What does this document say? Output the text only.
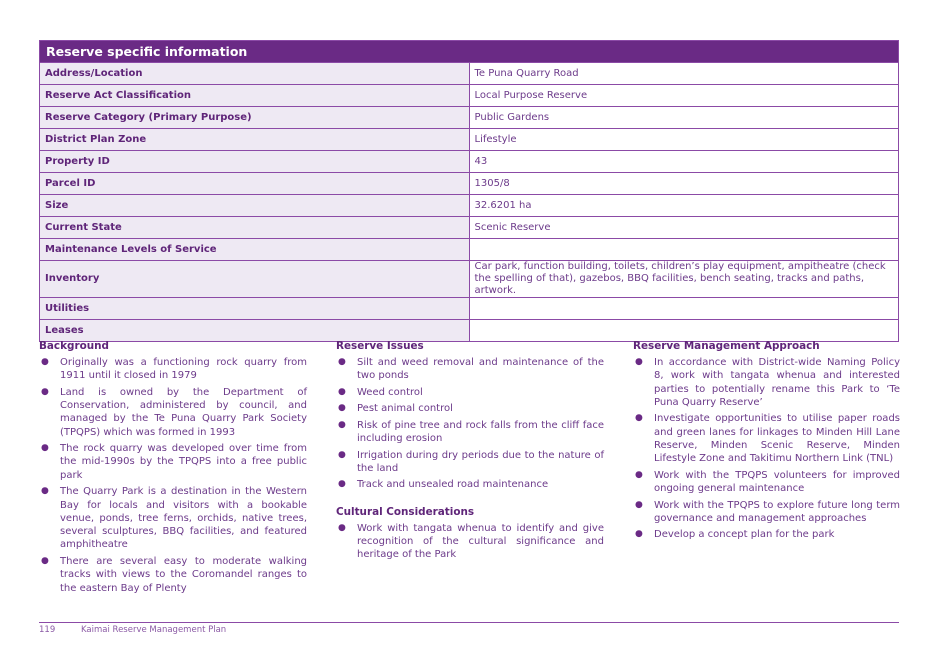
Reserve specific information	
Address/Location	Te Puna Quarry Road
Reserve Act Classification	Local Purpose Reserve
Reserve Category (Primary Purpose)	Public Gardens
District Plan Zone	Lifestyle
Property ID	43
Parcel ID	1305/8
Size	32.6201 ha
Current State	Scenic Reserve
Maintenance Levels of Service	
Inventory	Car park, function building, toilets, children’s play equipment, ampitheatre (check the spelling of that), gazebos, BBQ facilities, bench seating, tracks and paths, artwork.
Utilities	
Leases	
Background
● Originally was a functioning rock quarry from 1911 until it closed in 1979
● Land is owned by the Department of Conservation, administered by council, and managed by the Te Puna Quarry Park Society (TPQPS) which was formed in 1993
● The rock quarry was developed over time from the mid-1990s by the TPQPS into a free public park
● The Quarry Park is a destination in the Western Bay for locals and visitors with a bookable venue, ponds, tree ferns, orchids, native trees, several sculptures, BBQ facilities, and featured amphitheatre
● There are several easy to moderate walking tracks with views to the Coromandel ranges to the eastern Bay of Plenty
Reserve Issues
● Silt and weed removal and maintenance of the two ponds
● Weed control
● Pest animal control
● Risk of pine tree and rock falls from the cliff face including erosion
● Irrigation during dry periods due to the nature of the land
● Track and unsealed road maintenance
Cultural Considerations
● Work with tangata whenua to identify and give recognition of the cultural significance and heritage of the Park
Reserve Management Approach
● In accordance with District-wide Naming Policy 8, work with tangata whenua and interested parties to potentially rename this Park to ‘Te Puna Quarry Reserve’
● Investigate opportunities to utilise paper roads and green lanes for linkages to Minden Hill Lane Reserve, Minden Scenic Reserve, Minden Lifestyle Zone and Takitimu Northern Link (TNL)
● Work with the TPQPS volunteers for improved ongoing general maintenance
● Work with the TPQPS to explore future long term governance and management approaches
● Develop a concept plan for the park
119	Kaimai Reserve Management Plan
